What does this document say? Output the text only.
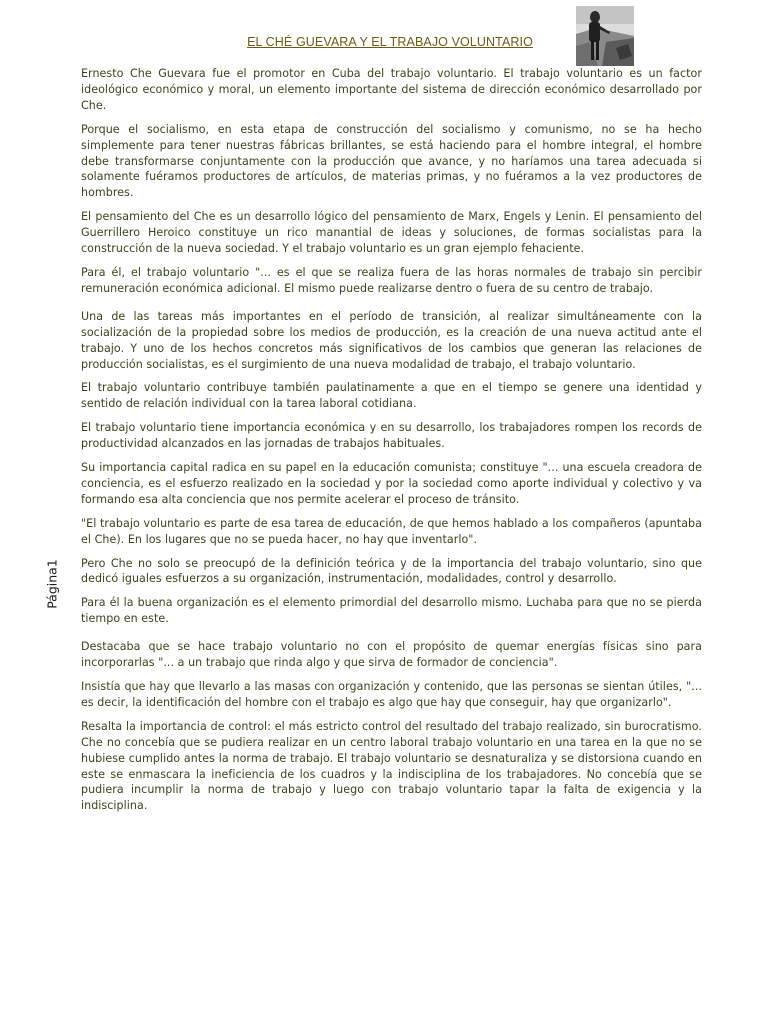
EL CHÉ GUEVARA Y EL TRABAJO VOLUNTARIO
Página1

Ernesto Che Guevara fue el promotor en Cuba del trabajo voluntario. El trabajo voluntario es un factor ideológico económico y moral, un elemento importante del sistema de dirección económico desarrollado por Che.

Porque el socialismo, en esta etapa de construcción del socialismo y comunismo, no se ha hecho simplemente para tener nuestras fábricas brillantes, se está haciendo para el hombre integral, el hombre debe transformarse conjuntamente con la producción que avance, y no haríamos una tarea adecuada si solamente fuéramos productores de artículos, de materias primas, y no fuéramos a la vez productores de hombres.

El pensamiento del Che es un desarrollo lógico del pensamiento de Marx, Engels y Lenin. El pensamiento del Guerrillero Heroico constituye un rico manantial de ideas y soluciones, de formas socialistas para la construcción de la nueva sociedad. Y el trabajo voluntario es un gran ejemplo fehaciente.

Para él, el trabajo voluntario "... es el que se realiza fuera de las horas normales de trabajo sin percibir remuneración económica adicional. El mismo puede realizarse dentro o fuera de su centro de trabajo.

Una de las tareas más importantes en el período de transición, al realizar simultáneamente con la socialización de la propiedad sobre los medios de producción, es la creación de una nueva actitud ante el trabajo. Y uno de los hechos concretos más significativos de los cambios que generan las relaciones de producción socialistas, es el surgimiento de una nueva modalidad de trabajo, el trabajo voluntario.

El trabajo voluntario contribuye también paulatinamente a que en el tiempo se genere una identidad y sentido de relación individual con la tarea laboral cotidiana.

El trabajo voluntario tiene importancia económica y en su desarrollo, los trabajadores rompen los records de productividad alcanzados en las jornadas de trabajos habituales.

Su importancia capital radica en su papel en la educación comunista; constituye "... una escuela creadora de conciencia, es el esfuerzo realizado en la sociedad y por la sociedad como aporte individual y colectivo y va formando esa alta conciencia que nos permite acelerar el proceso de tránsito.

"El trabajo voluntario es parte de esa tarea de educación, de que hemos hablado a los compañeros (apuntaba el Che). En los lugares que no se pueda hacer, no hay que inventarlo".

Pero Che no solo se preocupó de la definición teórica y de la importancia del trabajo voluntario, sino que dedicó iguales esfuerzos a su organización, instrumentación, modalidades, control y desarrollo.

Para él la buena organización es el elemento primordial del desarrollo mismo. Luchaba para que no se pierda tiempo en este.

Destacaba que se hace trabajo voluntario no con el propósito de quemar energías físicas sino para incorporarlas "... a un trabajo que rinda algo y que sirva de formador de conciencia".

Insistía que hay que llevarlo a las masas con organización y contenido, que las personas se sientan útiles, "... es decir, la identificación del hombre con el trabajo es algo que hay que conseguir, hay que organizarlo".

Resalta la importancia de control: el más estricto control del resultado del trabajo realizado, sin burocratismo. Che no concebía que se pudiera realizar en un centro laboral trabajo voluntario en una tarea en la que no se hubiese cumplido antes la norma de trabajo. El trabajo voluntario se desnaturaliza y se distorsiona cuando en este se enmascara la ineficiencia de los cuadros y la indisciplina de los trabajadores. No concebía que se pudiera incumplir la norma de trabajo y luego con trabajo voluntario tapar la falta de exigencia y la indisciplina.
